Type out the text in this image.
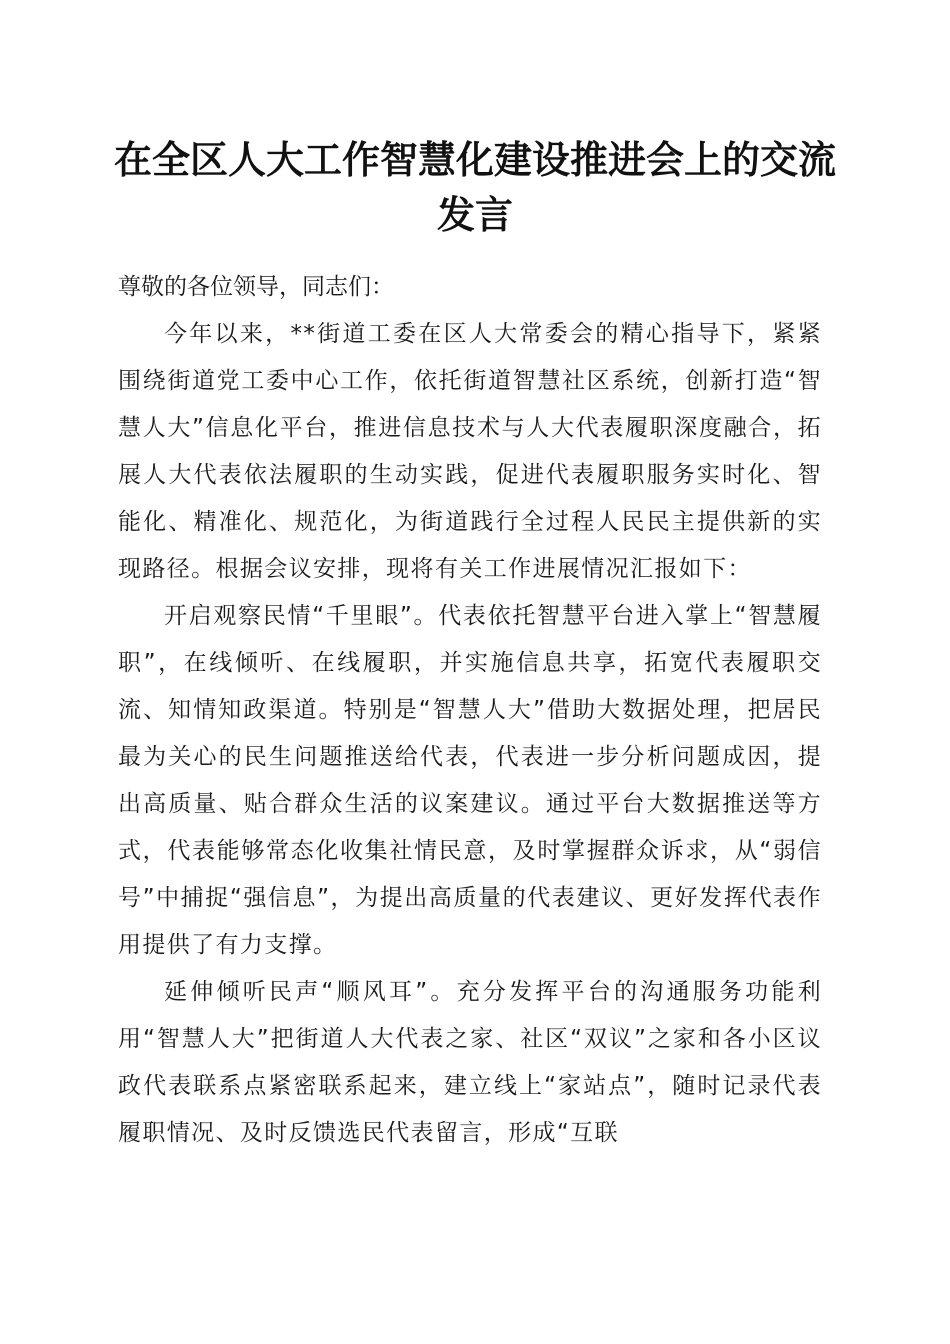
在全区人大工作智慧化建设推进会上的交流发言

尊敬的各位领导，同志们：

今年以来，**街道工委在区人大常委会的精心指导下，紧紧围绕街道党工委中心工作，依托街道智慧社区系统，创新打造“智慧人大”信息化平台，推进信息技术与人大代表履职深度融合，拓展人大代表依法履职的生动实践，促进代表履职服务实时化、智能化、精准化、规范化，为街道践行全过程人民民主提供新的实现路径。根据会议安排，现将有关工作进展情况汇报如下：

开启观察民情“千里眼”。代表依托智慧平台进入掌上“智慧履职”，在线倾听、在线履职，并实施信息共享，拓宽代表履职交流、知情知政渠道。特别是“智慧人大”借助大数据处理，把居民最为关心的民生问题推送给代表，代表进一步分析问题成因，提出高质量、贴合群众生活的议案建议。通过平台大数据推送等方式，代表能够常态化收集社情民意，及时掌握群众诉求，从“弱信号”中捕捉“强信息”，为提出高质量的代表建议、更好发挥代表作用提供了有力支撑。

延伸倾听民声“顺风耳”。充分发挥平台的沟通服务功能利用“智慧人大”把街道人大代表之家、社区“双议”之家和各小区议政代表联系点紧密联系起来，建立线上“家站点”，随时记录代表履职情况、及时反馈选民代表留言，形成“互联
